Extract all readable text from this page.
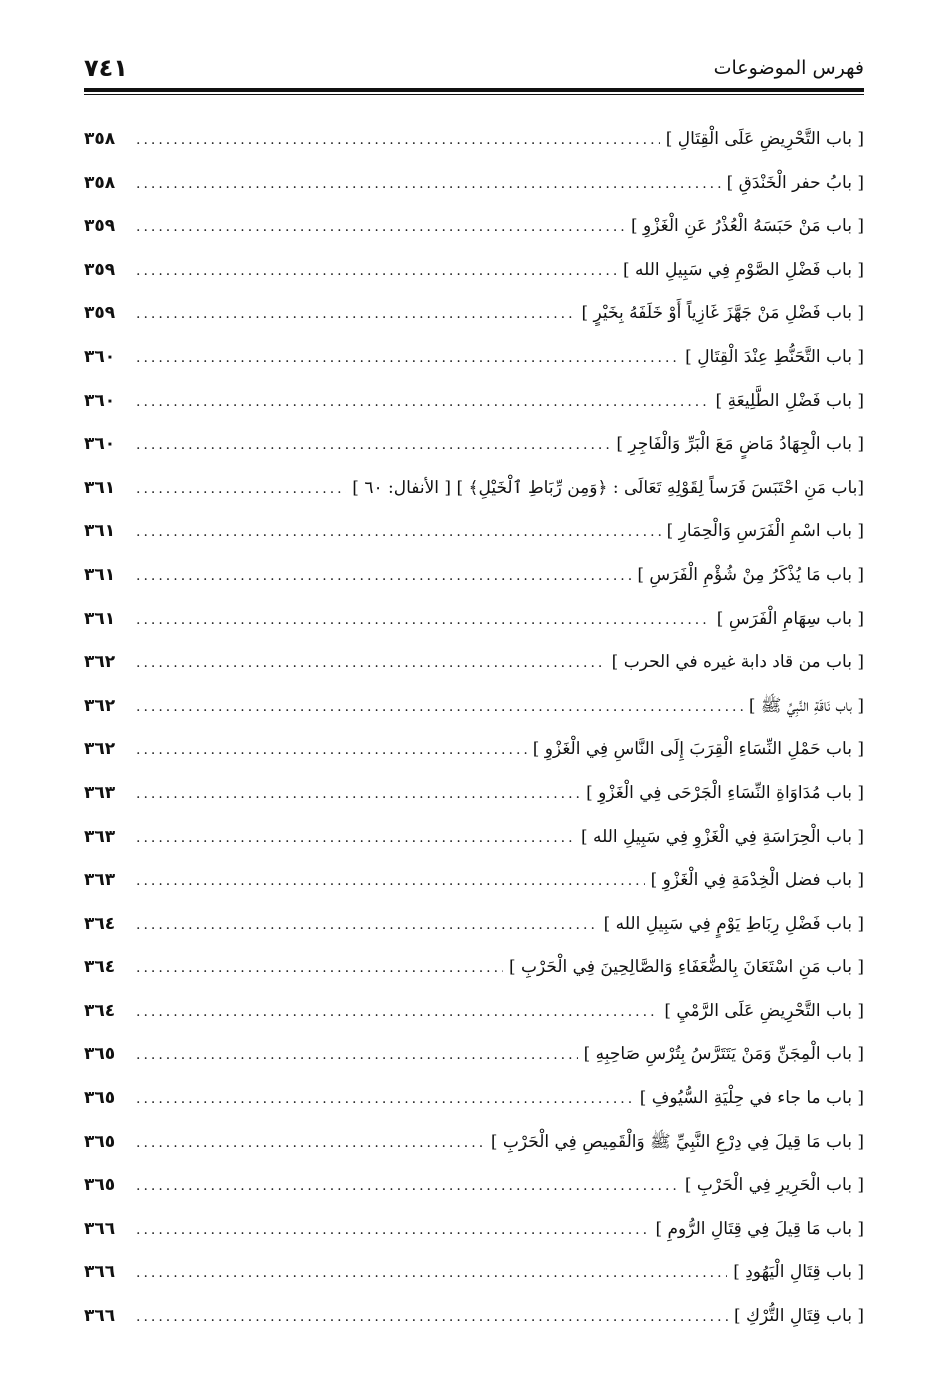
٧٤١	فهرس الموضوعات
[ باب التَّحْرِيضِ عَلَى الْقِتَالِ ]
.....
٣٥٨
[ بابُ حفر الْخَنْدَقِ ]
.....
٣٥٨
[ باب مَنْ حَبَسَهُ الْعُذْرُ عَنِ الْغَزْوِ ]
.....
٣٥٩
[ باب فَضْلِ الصَّوْمِ فِي سَبِيلِ الله ]
.....
٣٥٩
[ باب فَضْلِ مَنْ جَهَّزَ غَازِياً أَوْ خَلَفَهُ بِخَيْرٍ ]
.....
٣٥٩
[ باب التَّحَنُّطِ عِنْدَ الْقِتَالِ ]
.....
٣٦٠
[ باب فَضْلِ الطَّلِيعَةِ ]
.....
٣٦٠
[ باب الْجِهَادُ مَاضٍ مَعَ الْبَرِّ وَالْفَاجِرِ ]
.....
٣٦٠
[باب مَنِ احْتَبَسَ فَرَساً لِقَوْلِهِ تَعَالَى : ﴿وَمِن رِّبَاطِ ٱلْخَيْلِ﴾ ] [ الأنفال: ٦٠ ]
.....
٣٦١
[ باب اسْمِ الْفَرَسِ وَالْحِمَارِ ]
.....
٣٦١
[ باب مَا يُذْكَرُ مِنْ شُؤْمِ الْفَرَسِ ]
.....
٣٦١
[ باب سِهَامِ الْفَرَسِ ]
.....
٣٦١
[ باب من قاد دابة غيره في الحرب ]
.....
٣٦٢
[ باب نَاقَةِ النَّبِيِّ ﷺ ]
.....
٣٦٢
[ باب حَمْلِ النِّسَاءِ الْقِرَبَ إِلَى النَّاسِ فِي الْغَزْوِ ]
.....
٣٦٢
[ باب مُدَاوَاةِ النِّسَاءِ الْجَرْحَى فِي الْغَزْوِ ]
.....
٣٦٣
[ باب الْحِرَاسَةِ فِي الْغَزْوِ فِي سَبِيلِ الله ]
.....
٣٦٣
[ باب فضل الْخِدْمَةِ فِي الْغَزْوِ ]
.....
٣٦٣
[ باب فَضْلِ رِبَاطِ يَوْمٍ فِي سَبِيلِ الله ]
.....
٣٦٤
[ باب مَنِ اسْتَعَانَ بِالضُّعَفَاءِ وَالصَّالِحِينَ فِي الْحَرْبِ ]
.....
٣٦٤
[ باب التَّحْرِيضِ عَلَى الرَّمْيِ ]
.....
٣٦٤
[ باب الْمِجَنِّ وَمَنْ يَتَتَرَّسُ بِتُرْسِ صَاحِبِهِ ]
.....
٣٦٥
[ باب ما جاء في حِلْيَةِ السُّيُوفِ ]
.....
٣٦٥
[ باب مَا قِيلَ فِي دِرْعِ النَّبِيِّ ﷺ وَالْقَمِيصِ فِي الْحَرْبِ ]
.....
٣٦٥
[ باب الْحَرِيرِ فِي الْحَرْبِ ]
.....
٣٦٥
[ باب مَا قِيلَ فِي قِتَالِ الرُّومِ ]
.....
٣٦٦
[ باب قِتَالِ الْيَهُودِ ]
.....
٣٦٦
[ باب قِتَالِ التُّرْكِ ]
.....
٣٦٦
